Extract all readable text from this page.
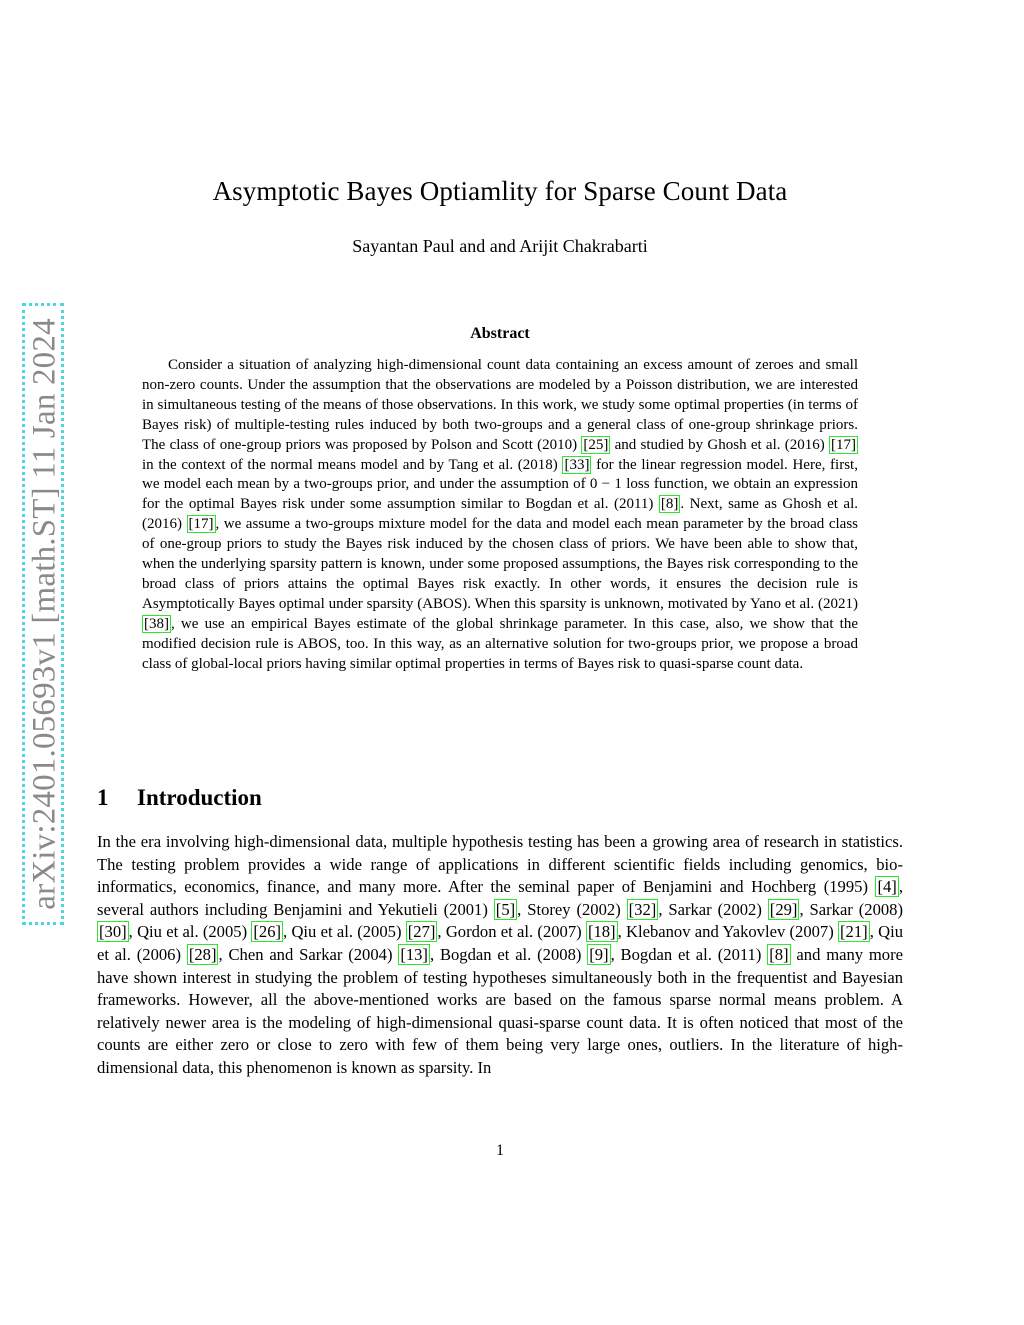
arXiv:2401.05693v1 [math.ST] 11 Jan 2024
Asymptotic Bayes Optiamlity for Sparse Count Data
Sayantan Paul and and Arijit Chakrabarti
Abstract
Consider a situation of analyzing high-dimensional count data containing an excess amount of zeroes and small non-zero counts. Under the assumption that the observations are modeled by a Poisson distribution, we are interested in simultaneous testing of the means of those observations. In this work, we study some optimal properties (in terms of Bayes risk) of multiple-testing rules induced by both two-groups and a general class of one-group shrinkage priors. The class of one-group priors was proposed by Polson and Scott (2010) [25] and studied by Ghosh et al. (2016) [17] in the context of the normal means model and by Tang et al. (2018) [33] for the linear regression model. Here, first, we model each mean by a two-groups prior, and under the assumption of 0 − 1 loss function, we obtain an expression for the optimal Bayes risk under some assumption similar to Bogdan et al. (2011) [8] . Next, same as Ghosh et al. (2016) [17] , we assume a two-groups mixture model for the data and model each mean parameter by the broad class of one-group priors to study the Bayes risk induced by the chosen class of priors. We have been able to show that, when the underlying sparsity pattern is known, under some proposed assumptions, the Bayes risk corresponding to the broad class of priors attains the optimal Bayes risk exactly. In other words, it ensures the decision rule is Asymptotically Bayes optimal under sparsity (ABOS). When this sparsity is unknown, motivated by Yano et al. (2021) [38] , we use an empirical Bayes estimate of the global shrinkage parameter. In this case, also, we show that the modified decision rule is ABOS, too. In this way, as an alternative solution for two-groups prior, we propose a broad class of global-local priors having similar optimal properties in terms of Bayes risk to quasi-sparse count data.
1 Introduction
In the era involving high-dimensional data, multiple hypothesis testing has been a growing area of research in statistics. The testing problem provides a wide range of applications in different scientific fields including genomics, bio-informatics, economics, finance, and many more. After the seminal paper of Benjamini and Hochberg (1995) [4] , several authors including Benjamini and Yekutieli (2001) [5] , Storey (2002) [32] , Sarkar (2002) [29] , Sarkar (2008) [30] , Qiu et al. (2005) [26] , Qiu et al. (2005) [27] , Gordon et al. (2007) [18] , Klebanov and Yakovlev (2007) [21] , Qiu et al. (2006) [28] , Chen and Sarkar (2004) [13] , Bogdan et al. (2008) [9] , Bogdan et al. (2011) [8] and many more have shown interest in studying the problem of testing hypotheses simultaneously both in the frequentist and Bayesian frameworks. However, all the above-mentioned works are based on the famous sparse normal means problem. A relatively newer area is the modeling of high-dimensional quasi-sparse count data. It is often noticed that most of the counts are either zero or close to zero with few of them being very large ones, outliers. In the literature of high-dimensional data, this phenomenon is known as sparsity. In
1
